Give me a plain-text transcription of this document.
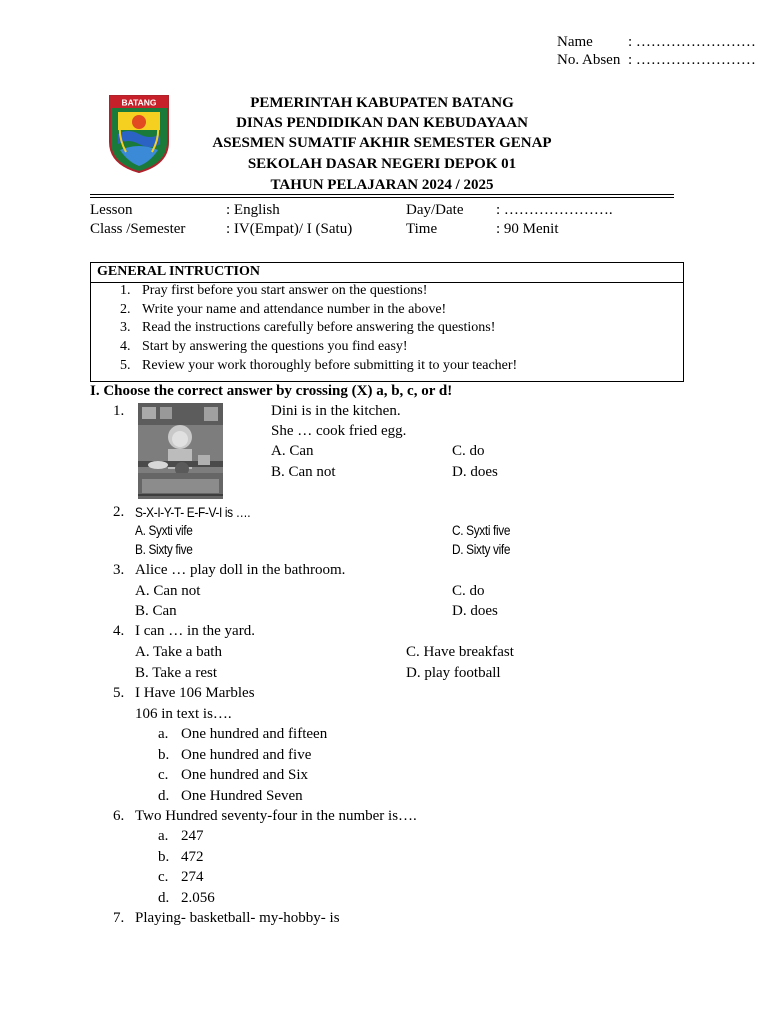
Name : ……………………
No. Absen : ……………………
BATANG	PEMERINTAH KABUPATEN BATANG
DINAS PENDIDIKAN DAN KEBUDAYAAN
ASESMEN SUMATIF AKHIR SEMESTER GENAP
SEKOLAH DASAR NEGERI DEPOK 01
TAHUN PELAJARAN 2024 / 2025
Lesson	: English	Day/Date : ………………….
Class /Semester	: IV(Empat)/ I (Satu)	Time	: 90 Menit
GENERAL INTRUCTION
1. Pray first before you start answer on the questions!
2. Write your name and attendance number in the above!
3. Read the instructions carefully before answering the questions!
4. Start by answering the questions you find easy!
5. Review your work thoroughly before submitting it to your teacher!
I. Choose the correct answer by crossing (X) a, b, c, or d!
1.	Dini is in the kitchen.
She … cook fried egg.
A. Can	C. do
B. Can not	D. does
2. S-X-I-Y-T- E-F-V-I is ….
A. Syxti vife	C. Syxti five
B. Sixty five	D. Sixty vife
3. Alice … play doll in the bathroom.
A. Can not	C. do
B. Can	D. does
4. I can … in the yard.
A. Take a bath	C. Have breakfast
B. Take a rest	D. play football
5. I Have 106 Marbles
106 in text is….
a. One hundred and fifteen
b. One hundred and five
c. One hundred and Six
d. One Hundred Seven
6. Two Hundred seventy-four in the number is….
a. 247
b. 472
c. 274
d. 2.056
7. Playing- basketball- my-hobby- is
